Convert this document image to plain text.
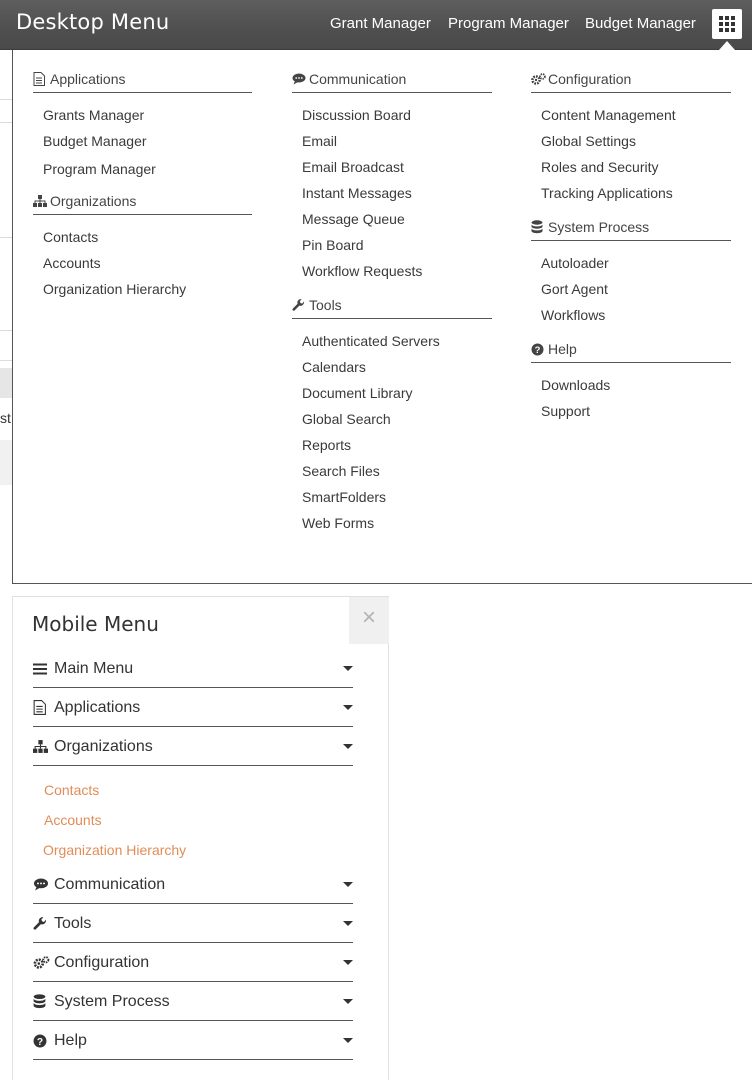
Desktop Menu	Grant Manager Program Manager Budget Manager
st
Applications
Grants Manager
Budget Manager
Program Manager
Organizations
Contacts
Accounts
Organization Hierarchy
Communication
Discussion Board
Email
Email Broadcast
Instant Messages
Message Queue
Pin Board
Workflow Requests
Tools
Authenticated Servers
Calendars
Document Library
Global Search
Reports
Search Files
SmartFolders
Web Forms
Configuration
Content Management
Global Settings
Roles and Security
Tracking Applications
System Process
Autoloader
Gort Agent
Workflows
? Help
Downloads
Support
Mobile Menu	×
Main Menu
Applications
Organizations
Contacts
Accounts
Organization Hierarchy
Communication
Tools
Configuration
System Process
? Help
